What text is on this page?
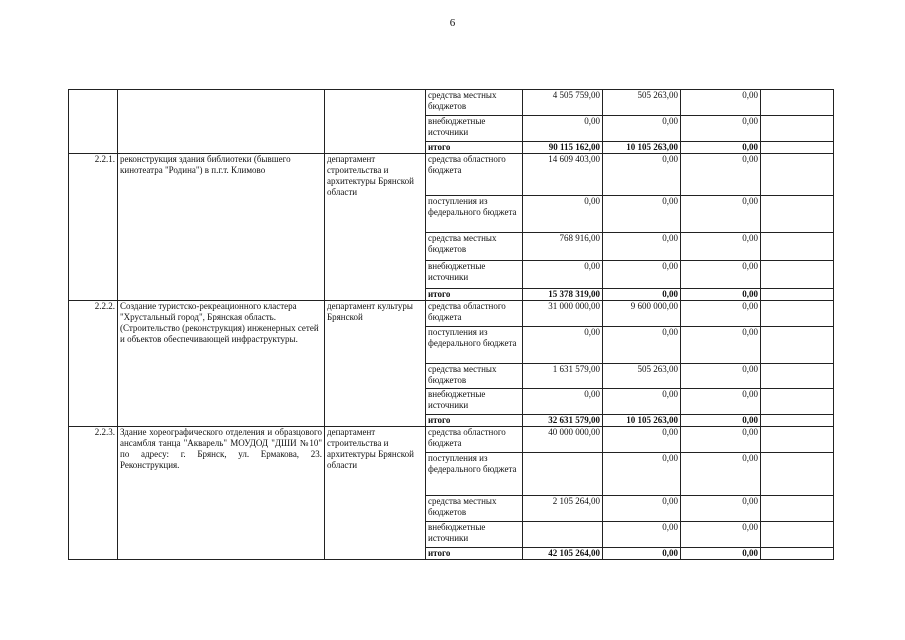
6
			средства местных бюджетов	4 505 759,00	505 263,00	0,00	
			внебюджетные источники	0,00	0,00	0,00	
			итого	90 115 162,00	10 105 263,00	0,00	
2.2.1.	реконструкция здания библиотеки (бывшего кинотеатра "Родина") в п.г.т. Климово	департамент строительства и архитектуры Брянской области	средства областного бюджета	14 609 403,00	0,00	0,00	
			поступления из федерального бюджета	0,00	0,00	0,00	
			средства местных бюджетов	768 916,00	0,00	0,00	
			внебюджетные источники	0,00	0,00	0,00	
			итого	15 378 319,00	0,00	0,00	
2.2.2.	Создание туристско-рекреационного кластера "Хрустальный город", Брянская область. (Строительство (реконструкция) инженерных сетей и объектов обеспечивающей инфраструктуры.	департамент культуры Брянской	средства областного бюджета	31 000 000,00	9 600 000,00	0,00	
			поступления из федерального бюджета	0,00	0,00	0,00	
			средства местных бюджетов	1 631 579,00	505 263,00	0,00	
			внебюджетные источники	0,00	0,00	0,00	
			итого	32 631 579,00	10 105 263,00	0,00	
2.2.3.	Здание хореографического отделения и образцового ансамбля танца "Акварель" МОУДОД "ДШИ №10" по адресу: г. Брянск, ул. Ермакова, 23. Реконструкция.	департамент строительства и архитектуры Брянской области	средства областного бюджета	40 000 000,00	0,00	0,00	
			поступления из федерального бюджета		0,00	0,00	
			средства местных бюджетов	2 105 264,00	0,00	0,00	
			внебюджетные источники		0,00	0,00	
			итого	42 105 264,00	0,00	0,00	
